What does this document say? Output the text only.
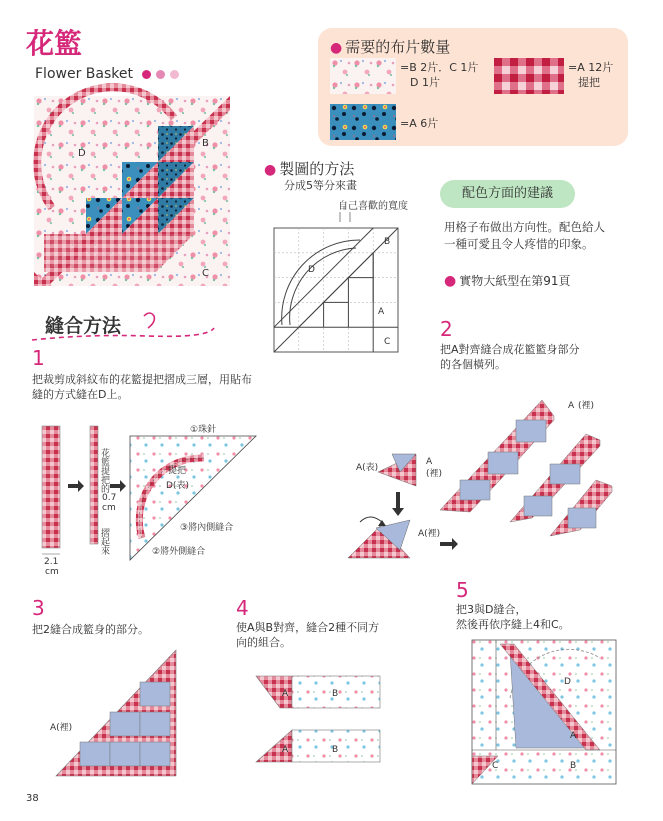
花籃
Flower Basket
D
B
C
● 需要的布片數量
=B 2片．C 1片
D 1片
=A 12片
提把
=A 6片
● 製圖的方法
分成5等分來畫
自己喜歡的寬度
B
D
A
C
配色方面的建議
用格子布做出方向性。配色給人
一種可愛且令人疼惜的印象。
● 實物大紙型在第91頁
縫合方法
1
把裁剪成斜紋布的花籃提把摺成三層，用貼布
縫的方式縫在D上。
2.1
cm
花籃提把的
0.7
cm
摺起來
①珠針
提把
D(表)
③將內側縫合
②將外側縫合
2
把A對齊縫合成花籃籃身部分
的各個橫列。
A(表)
A
(裡)
A(裡)
A (裡)
3
把2縫合成籃身的部分。
A(裡)
4
使A與B對齊，縫合2種不同方
向的組合。
A	B
A	B
5
把3與D縫合，
然後再依序縫上4和C。
D
A
C	B
38
